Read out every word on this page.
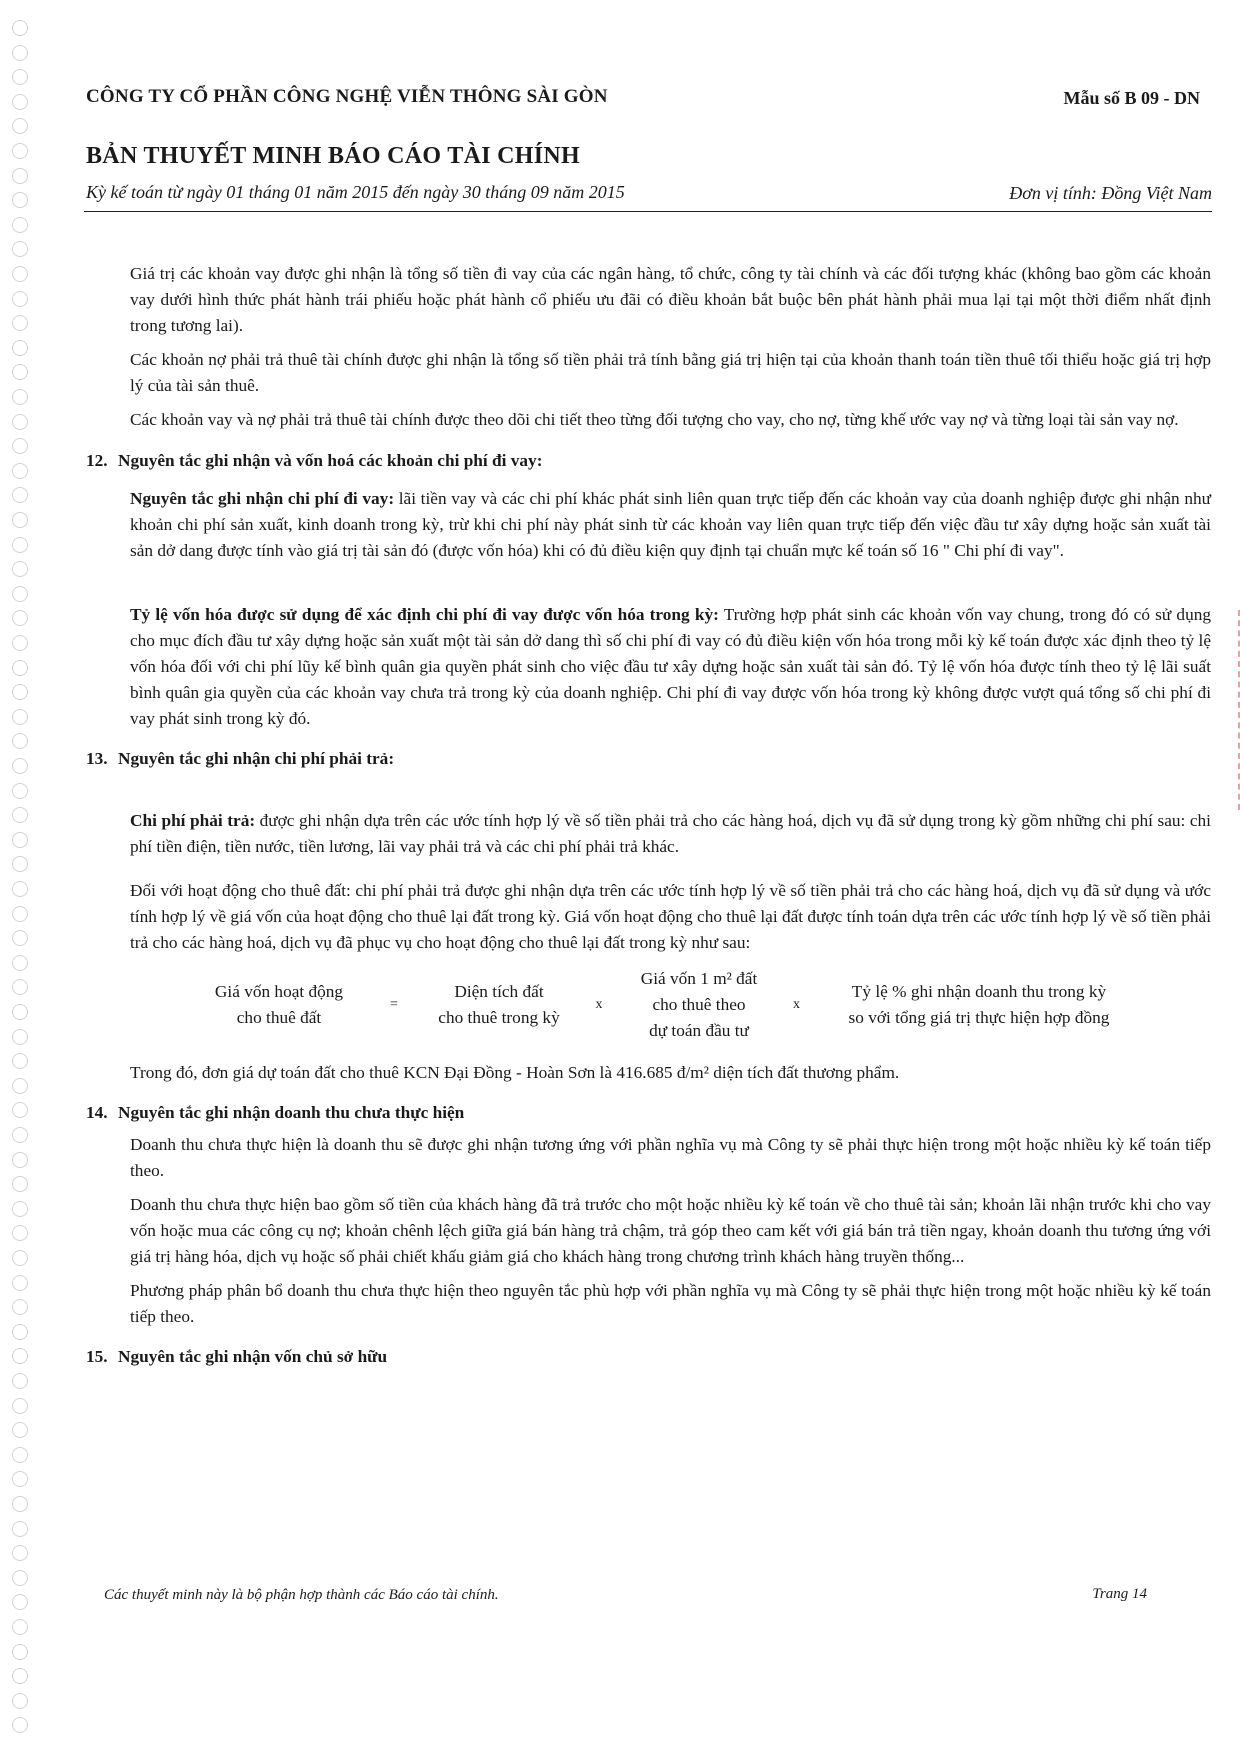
CÔNG TY CỔ PHẦN CÔNG NGHỆ VIỄN THÔNG SÀI GÒN	Mẫu số B 09 - DN
BẢN THUYẾT MINH BÁO CÁO TÀI CHÍNH
Kỳ kế toán từ ngày 01 tháng 01 năm 2015 đến ngày 30 tháng 09 năm 2015	Đơn vị tính: Đồng Việt Nam

Giá trị các khoản vay được ghi nhận là tổng số tiền đi vay của các ngân hàng, tổ chức, công ty tài chính và các đối tượng khác (không bao gồm các khoản vay dưới hình thức phát hành trái phiếu hoặc phát hành cổ phiếu ưu đãi có điều khoản bắt buộc bên phát hành phải mua lại tại một thời điểm nhất định trong tương lai).

Các khoản nợ phải trả thuê tài chính được ghi nhận là tổng số tiền phải trả tính bằng giá trị hiện tại của khoản thanh toán tiền thuê tối thiểu hoặc giá trị hợp lý của tài sản thuê.

Các khoản vay và nợ phải trả thuê tài chính được theo dõi chi tiết theo từng đối tượng cho vay, cho nợ, từng khế ước vay nợ và từng loại tài sản vay nợ.

12. Nguyên tắc ghi nhận và vốn hoá các khoản chi phí đi vay:

Nguyên tắc ghi nhận chi phí đi vay: lãi tiền vay và các chi phí khác phát sinh liên quan trực tiếp đến các khoản vay của doanh nghiệp được ghi nhận như khoản chi phí sản xuất, kinh doanh trong kỳ, trừ khi chi phí này phát sinh từ các khoản vay liên quan trực tiếp đến việc đầu tư xây dựng hoặc sản xuất tài sản dở dang được tính vào giá trị tài sản đó (được vốn hóa) khi có đủ điều kiện quy định tại chuẩn mực kế toán số 16 " Chi phí đi vay".

Tỷ lệ vốn hóa được sử dụng để xác định chi phí đi vay được vốn hóa trong kỳ: Trường hợp phát sinh các khoản vốn vay chung, trong đó có sử dụng cho mục đích đầu tư xây dựng hoặc sản xuất một tài sản dở dang thì số chi phí đi vay có đủ điều kiện vốn hóa trong mỗi kỳ kế toán được xác định theo tỷ lệ vốn hóa đối với chi phí lũy kế bình quân gia quyền phát sinh cho việc đầu tư xây dựng hoặc sản xuất tài sản đó. Tỷ lệ vốn hóa được tính theo tỷ lệ lãi suất bình quân gia quyền của các khoản vay chưa trả trong kỳ của doanh nghiệp. Chi phí đi vay được vốn hóa trong kỳ không được vượt quá tổng số chi phí đi vay phát sinh trong kỳ đó.

13. Nguyên tắc ghi nhận chi phí phải trả:

Chi phí phải trả: được ghi nhận dựa trên các ước tính hợp lý về số tiền phải trả cho các hàng hoá, dịch vụ đã sử dụng trong kỳ gồm những chi phí sau: chi phí tiền điện, tiền nước, tiền lương, lãi vay phải trả và các chi phí phải trả khác.

Đối với hoạt động cho thuê đất: chi phí phải trả được ghi nhận dựa trên các ước tính hợp lý về số tiền phải trả cho các hàng hoá, dịch vụ đã sử dụng và ước tính hợp lý về giá vốn của hoạt động cho thuê lại đất trong kỳ. Giá vốn hoạt động cho thuê lại đất được tính toán dựa trên các ước tính hợp lý về số tiền phải trả cho các hàng hoá, dịch vụ đã phục vụ cho hoạt động cho thuê lại đất trong kỳ như sau:

Giá vốn hoạt động
cho thuê đất
=
Diện tích đất
cho thuê trong kỳ
x
Giá vốn 1 m² đất
cho thuê theo
dự toán đầu tư
x
Tỷ lệ % ghi nhận doanh thu trong kỳ
so với tổng giá trị thực hiện hợp đồng

Trong đó, đơn giá dự toán đất cho thuê KCN Đại Đồng - Hoàn Sơn là 416.685 đ/m² diện tích đất thương phẩm.

14. Nguyên tắc ghi nhận doanh thu chưa thực hiện

Doanh thu chưa thực hiện là doanh thu sẽ được ghi nhận tương ứng với phần nghĩa vụ mà Công ty sẽ phải thực hiện trong một hoặc nhiều kỳ kế toán tiếp theo.

Doanh thu chưa thực hiện bao gồm số tiền của khách hàng đã trả trước cho một hoặc nhiều kỳ kế toán về cho thuê tài sản; khoản lãi nhận trước khi cho vay vốn hoặc mua các công cụ nợ; khoản chênh lệch giữa giá bán hàng trả chậm, trả góp theo cam kết với giá bán trả tiền ngay, khoản doanh thu tương ứng với giá trị hàng hóa, dịch vụ hoặc số phải chiết khấu giảm giá cho khách hàng trong chương trình khách hàng truyền thống...

Phương pháp phân bổ doanh thu chưa thực hiện theo nguyên tắc phù hợp với phần nghĩa vụ mà Công ty sẽ phải thực hiện trong một hoặc nhiều kỳ kế toán tiếp theo.

15. Nguyên tắc ghi nhận vốn chủ sở hữu

Các thuyết minh này là bộ phận hợp thành các Báo cáo tài chính.	Trang 14
